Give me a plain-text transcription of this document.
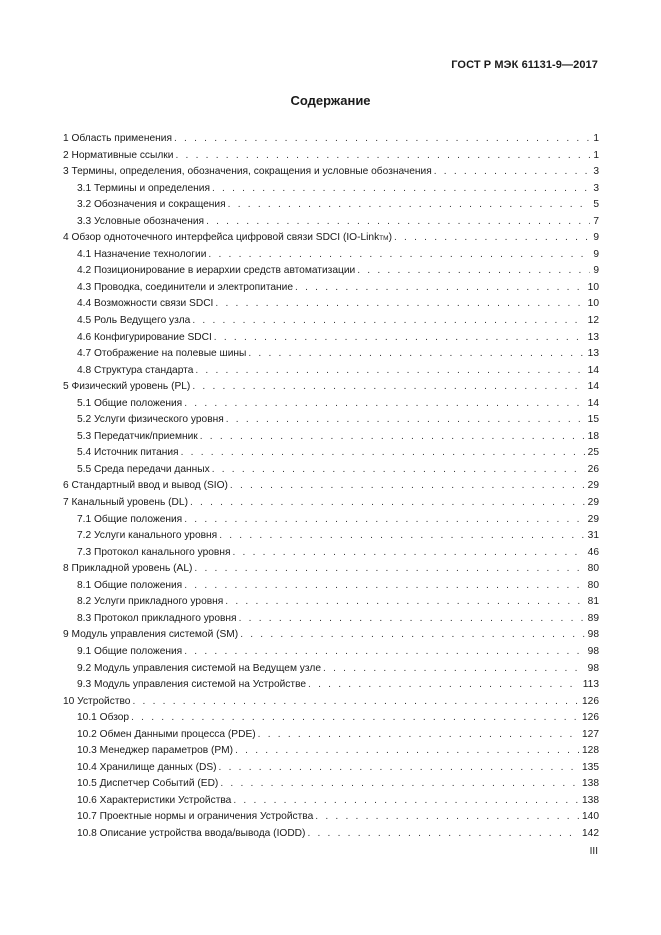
ГОСТ Р МЭК 61131-9—2017
Содержание
1 Область применения . . .	1
2 Нормативные ссылки . . .	1
3 Термины, определения, обозначения, сокращения и условные обозначения . . .	3
3.1 Термины и определения . . .	3
3.2 Обозначения и сокращения . . .	5
3.3 Условные обозначения . . .	7
4 Обзор одноточечного интерфейса цифровой связи SDCI (IO-Link TM ) . . .	9
4.1 Назначение технологии . . .	9
4.2 Позиционирование в иерархии средств автоматизации . . .	9
4.3 Проводка, соединители и электропитание . . .	10
4.4 Возможности связи SDCI . . .	10
4.5 Роль Ведущего узла . . .	12
4.6 Конфигурирование SDCI . . .	13
4.7 Отображение на полевые шины . . .	13
4.8 Структура стандарта . . .	14
5 Физический уровень (PL) . . .	14
5.1 Общие положения . . .	14
5.2 Услуги физического уровня . . .	15
5.3 Передатчик/приемник . . .	18
5.4 Источник питания . . .	25
5.5 Среда передачи данных . . .	26
6 Стандартный ввод и вывод (SIO) . . .	29
7 Канальный уровень (DL) . . .	29
7.1 Общие положения . . .	29
7.2 Услуги канального уровня . . .	31
7.3 Протокол канального уровня . . .	46
8 Прикладной уровень (AL) . . .	80
8.1 Общие положения . . .	80
8.2 Услуги прикладного уровня . . .	81
8.3 Протокол прикладного уровня . . .	89
9 Модуль управления системой (SM) . . .	98
9.1 Общие положения . . .	98
9.2 Модуль управления системой на Ведущем узле . . .	98
9.3 Модуль управления системой на Устройстве . . .	113
10 Устройство . . .	126
10.1 Обзор . . .	126
10.2 Обмен Данными процесса (PDE) . . .	127
10.3 Менеджер параметров (PM) . . .	128
10.4 Хранилище данных (DS) . . .	135
10.5 Диспетчер Событий (ED) . . .	138
10.6 Характеристики Устройства . . .	138
10.7 Проектные нормы и ограничения Устройства . . .	140
10.8 Описание устройства ввода/вывода (IODD) . . .	142
III
